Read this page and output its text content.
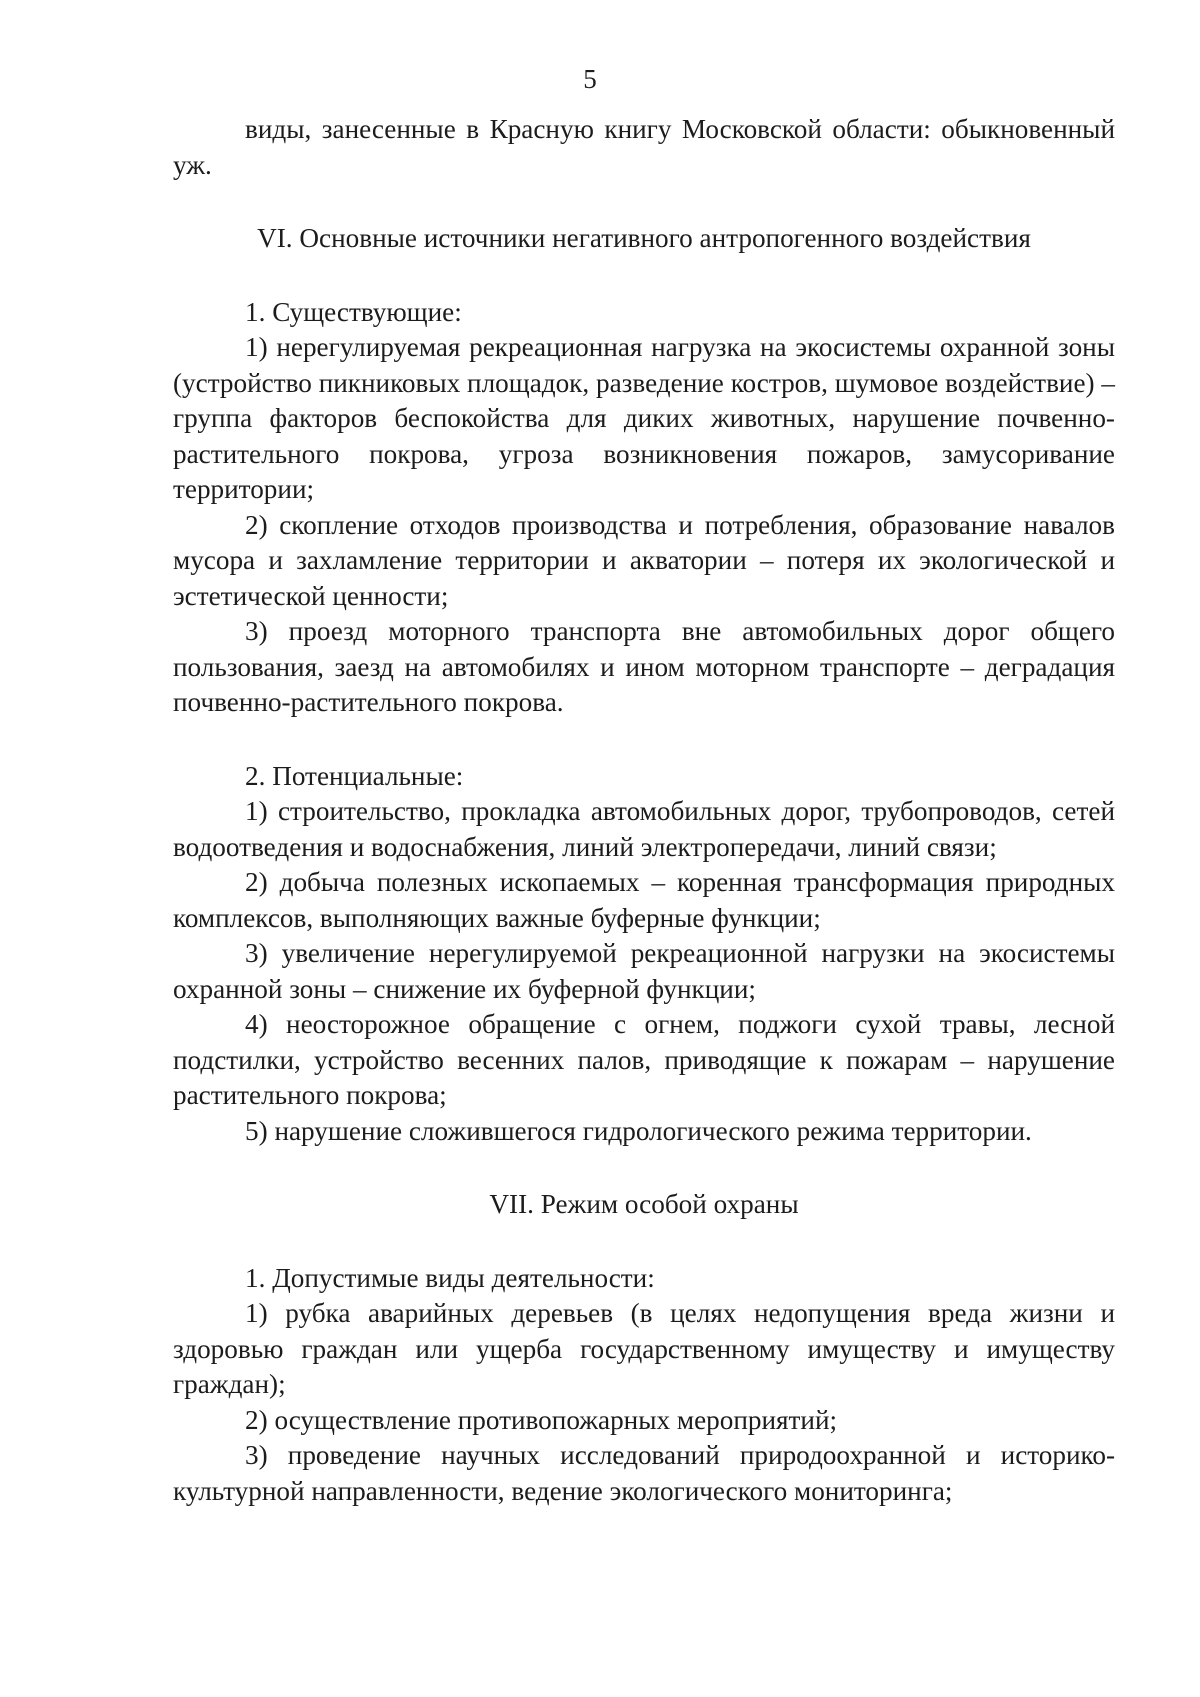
5

виды, занесенные в Красную книгу Московской области: обыкновенный уж.

VI. Основные источники негативного антропогенного воздействия

1. Существующие:

1) нерегулируемая рекреационная нагрузка на экосистемы охранной зоны (устройство пикниковых площадок, разведение костров, шумовое воздействие) – группа факторов беспокойства для диких животных, нарушение почвенно-растительного покрова, угроза возникновения пожаров, замусоривание территории;

2) скопление отходов производства и потребления, образование навалов мусора и захламление территории и акватории – потеря их экологической и эстетической ценности;

3) проезд моторного транспорта вне автомобильных дорог общего пользования, заезд на автомобилях и ином моторном транспорте – деградация почвенно-растительного покрова.

2. Потенциальные:

1) строительство, прокладка автомобильных дорог, трубопроводов, сетей водоотведения и водоснабжения, линий электропередачи, линий связи;

2) добыча полезных ископаемых – коренная трансформация природных комплексов, выполняющих важные буферные функции;

3) увеличение нерегулируемой рекреационной нагрузки на экосистемы охранной зоны – снижение их буферной функции;

4) неосторожное обращение с огнем, поджоги сухой травы, лесной подстилки, устройство весенних палов, приводящие к пожарам – нарушение растительного покрова;

5) нарушение сложившегося гидрологического режима территории.

VII. Режим особой охраны

1. Допустимые виды деятельности:

1) рубка аварийных деревьев (в целях недопущения вреда жизни и здоровью граждан или ущерба государственному имуществу и имуществу граждан);

2) осуществление противопожарных мероприятий;

3) проведение научных исследований природоохранной и историко-культурной направленности, ведение экологического мониторинга;
